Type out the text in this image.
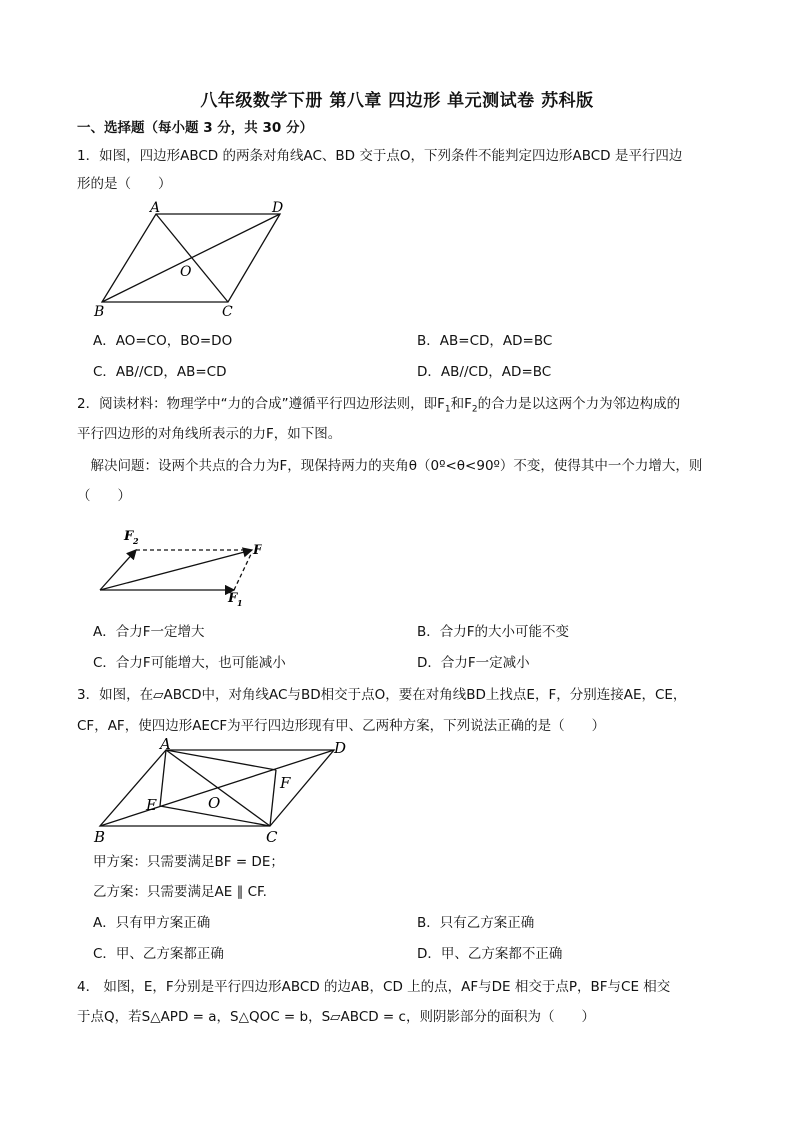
八年级数学下册 第八章 四边形 单元测试卷 苏科版
一、选择题（每小题 3 分，共 30 分）
1．如图，四边形ABCD 的两条对角线AC、BD 交于点O，下列条件不能判定四边形ABCD 是平行四边
形的是（　　）
A	D
B	C
O
A．AO=CO，BO=DO	B．AB=CD，AD=BC
C．AB//CD，AB=CD	D．AB//CD，AD=BC
2．阅读材料：物理学中“力的合成”遵循平行四边形法则，即$F_1$和$F_2$的合力是以这两个力为邻边构成的
平行四边形的对角线所表示的力F，如下图。
　解决问题：设两个共点的合力为F，现保持两力的夹角θ（0º<θ<90º）不变，使得其中一个力增大，则
（　　）
F 2
F
F 1
A．合力F一定增大	B．合力F的大小可能不变
C．合力F可能增大，也可能减小	D．合力F一定减小
3．如图，在▱ABCD中，对角线AC与BD相交于点O，要在对角线BD上找点E，F，分别连接AE，CE，
CF，AF，使四边形AECF为平行四边形现有甲、乙两种方案，下列说法正确的是（　　）
A	D
B	C
E
F
O
甲方案：只需要满足BF = DE；
乙方案：只需要满足AE ∥ CF.
A．只有甲方案正确	B．只有乙方案正确
C．甲、乙方案都正确	D．甲、乙方案都不正确
4． 如图，E，F分别是平行四边形ABCD 的边AB，CD 上的点，AF与DE 相交于点P，BF与CE 相交
于点Q，若S△APD = a，S△QOC = b，S▱ABCD = c，则阴影部分的面积为（　　）
